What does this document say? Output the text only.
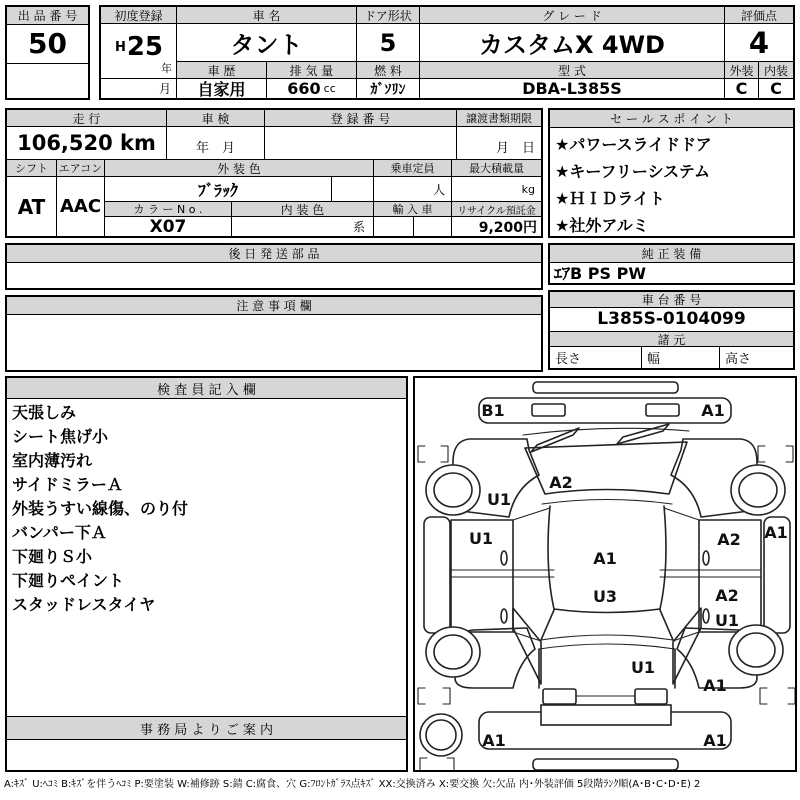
出 品 番 号
50
初度登録	車 名	ドア形状	グ レ ー ド	評価点
H 25
年
月
タント	5	カスタムX 4WD	4
車 歴	排 気 量	燃 料	型 式	外装 内装
自家用	660 cc	ｶﾞｿﾘﾝ	DBA-L385S	C	C
走 行	車 検	登 録 番 号	譲渡書類期限
106,520 km	年　月	月　日
シフト エアコン	外 装 色	乗車定員	最大積載量
AT AAC
ﾌﾞﾗｯｸ	人	kg
カ ラ ー N o .	内 装 色	輸 入 車	リサイクル預託金
X07	系	9,200円
セ ー ル ス ポ イ ン ト
★パワースライドドア
★キーフリーシステム
★ＨＩＤライト
★社外アルミ
後 日 発 送 部 品	純 正 装 備
ｴｱB PS PW
注 意 事 項 欄	車 台 番 号
L385S-0104099
諸 元
長さ	幅	高さ
検 査 員 記 入 欄
天張しみ
シート焦げ小
室内薄汚れ
サイドミラーＡ
外装うすい線傷、のり付
バンパー下Ａ
下廻りＳ小
下廻りペイント
スタッドレスタイヤ
事 務 局 よ り ご 案 内
B1	A1
A2
U1
U1
A1
A2 A1
U3	A2
U1
U1
A1
A1	A1
A:ｷｽﾞ U:ﾍｺﾐ B:ｷｽﾞを伴うﾍｺﾐ P:要塗装 W:補修跡 S:錆 C:腐食、穴 G:ﾌﾛﾝﾄｶﾞﾗｽ点ｷｽﾞ XX:交換済み X:要交換 欠:欠品 内･外装評価 5段階ﾗﾝｸ順(A･B･C･D･E) 2
